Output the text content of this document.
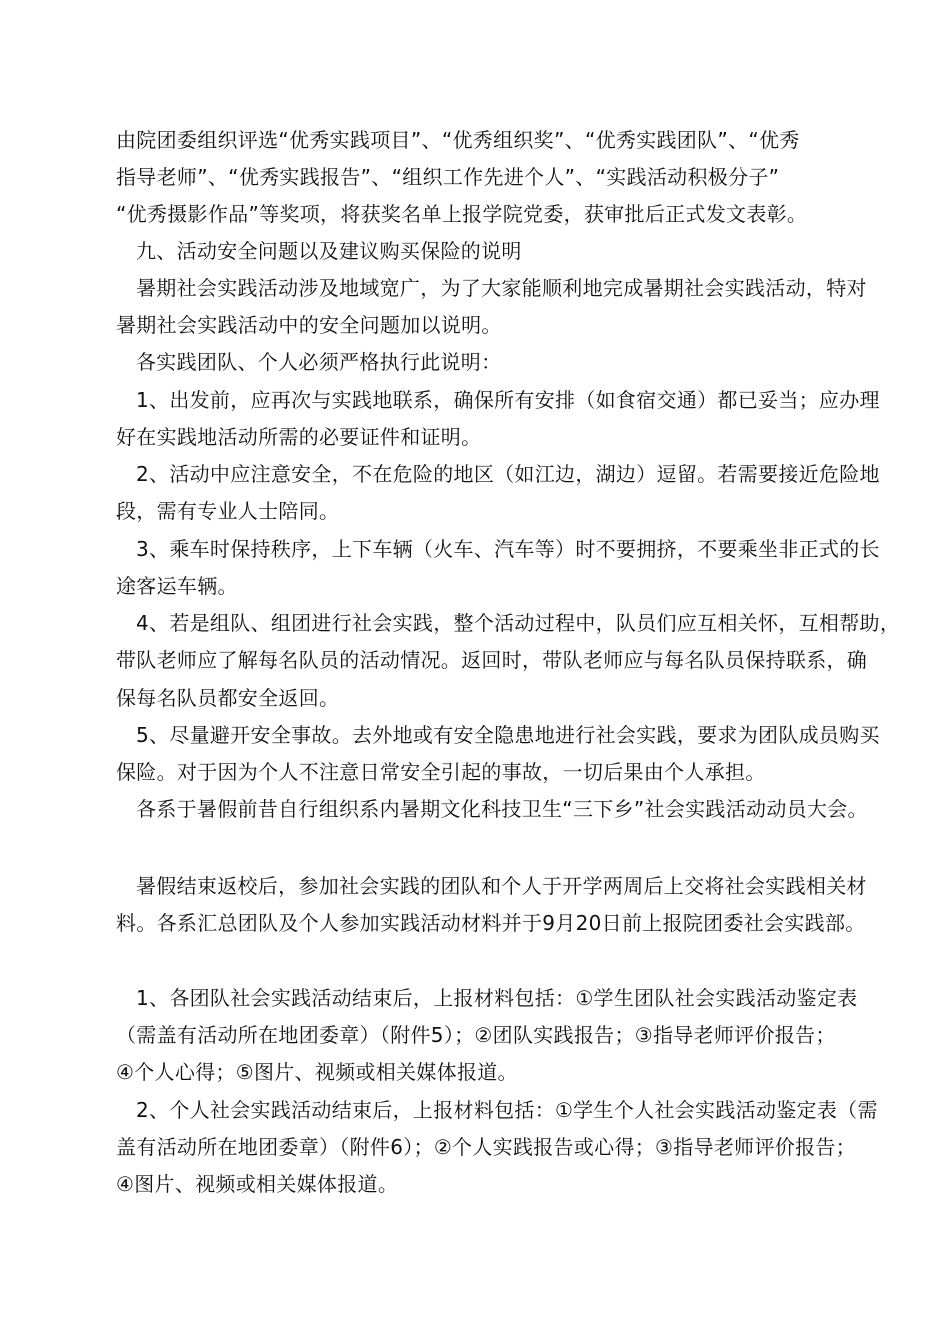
由院团委组织评选“优秀实践项目”、“优秀组织奖”、“优秀实践团队”、“优秀
指导老师”、“优秀实践报告”、“组织工作先进个人”、“实践活动积极分子”
“优秀摄影作品”等奖项，将获奖名单上报学院党委，获审批后正式发文表彰。
九、活动安全问题以及建议购买保险的说明
暑期社会实践活动涉及地域宽广，为了大家能顺利地完成暑期社会实践活动，特对
暑期社会实践活动中的安全问题加以说明。
各实践团队、个人必须严格执行此说明：
1、出发前，应再次与实践地联系，确保所有安排（如食宿交通）都已妥当；应办理
好在实践地活动所需的必要证件和证明。
2、活动中应注意安全，不在危险的地区（如江边，湖边）逗留。若需要接近危险地
段，需有专业人士陪同。
3、乘车时保持秩序，上下车辆（火车、汽车等）时不要拥挤，不要乘坐非正式的长
途客运车辆。
4、若是组队、组团进行社会实践，整个活动过程中，队员们应互相关怀，互相帮助，
带队老师应了解每名队员的活动情况。返回时，带队老师应与每名队员保持联系，确
保每名队员都安全返回。
5、尽量避开安全事故。去外地或有安全隐患地进行社会实践，要求为团队成员购买
保险。对于因为个人不注意日常安全引起的事故，一切后果由个人承担。
各系于暑假前昔自行组织系内暑期文化科技卫生“三下乡”社会实践活动动员大会。
暑假结束返校后，参加社会实践的团队和个人于开学两周后上交将社会实践相关材
料。各系汇总团队及个人参加实践活动材料并于9月20日前上报院团委社会实践部。
1、各团队社会实践活动结束后，上报材料包括：①学生团队社会实践活动鉴定表
（需盖有活动所在地团委章）（附件5）；②团队实践报告；③指导老师评价报告；
④个人心得；⑤图片、视频或相关媒体报道。
2、个人社会实践活动结束后，上报材料包括：①学生个人社会实践活动鉴定表（需
盖有活动所在地团委章）（附件6）；②个人实践报告或心得；③指导老师评价报告；
④图片、视频或相关媒体报道。
